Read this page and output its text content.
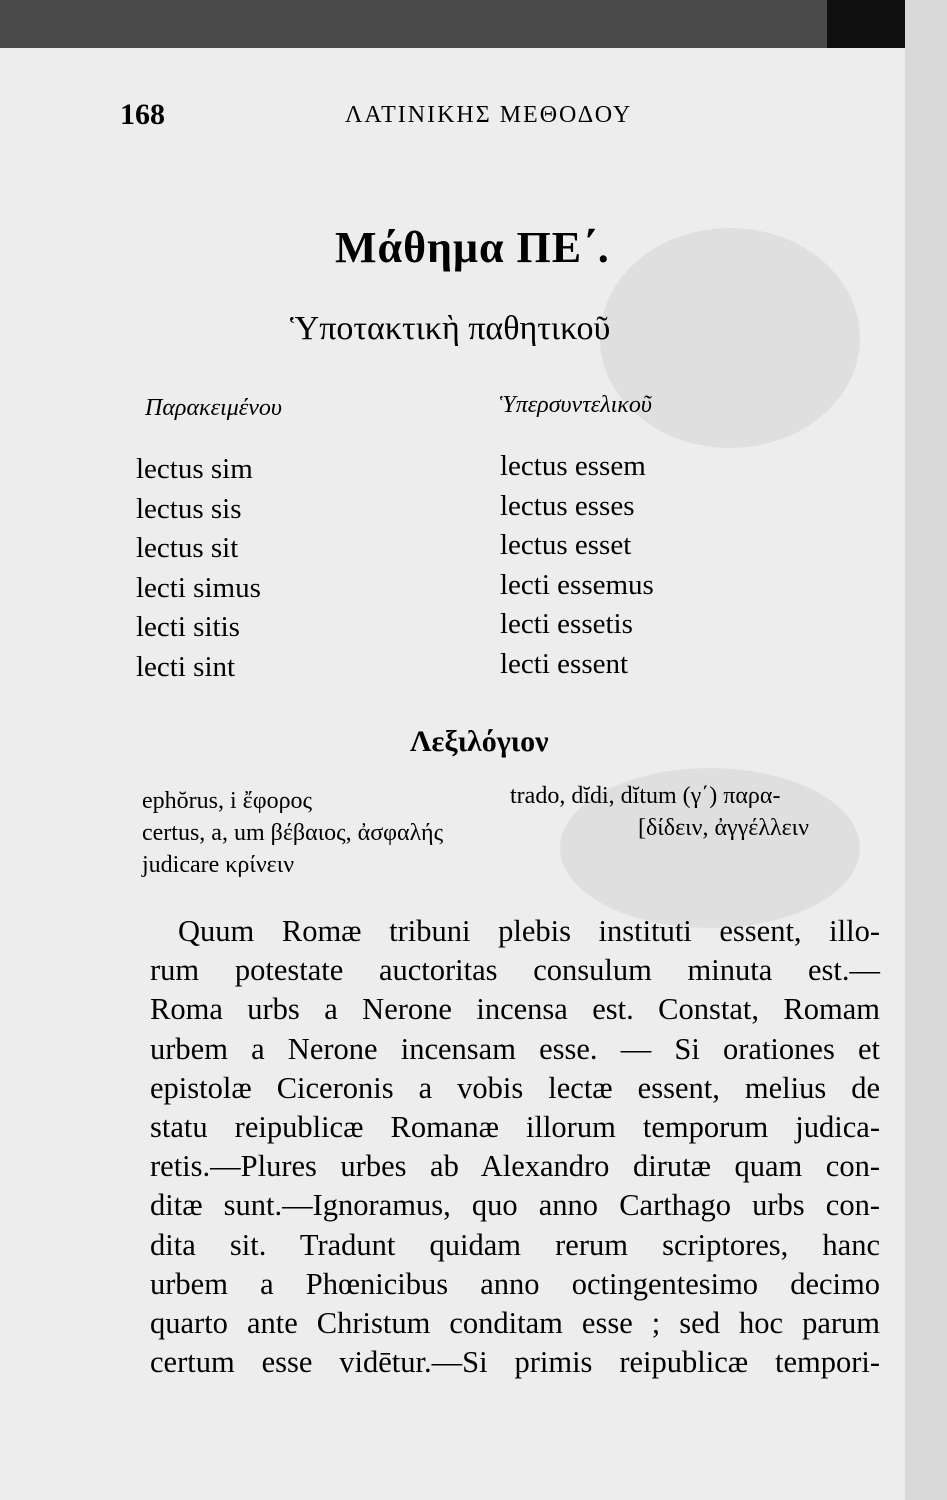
168	ΛΑΤΙΝΙΚΗΣ ΜΕΘΟΔΟΥ
Μάθημα ΠΕ΄.
Ὑποτακτικὴ παθητικοῦ
Παρακειμένου	Ὑπερσυντελικοῦ
lectus sim
lectus sis
lectus sit
lecti simus
lecti sitis
lecti sint
lectus essem
lectus esses
lectus esset
lecti essemus
lecti essetis
lecti essent
Λεξιλόγιον
ephŏrus, i ἔφορος
certus, a, um βέβαιος, ἀσφαλής
judicare κρίνειν
trado, dĭdi, dĭtum (γ΄) παρα-
[δίδειν, ἀγγέλλειν
Quum Romæ tribuni plebis instituti essent, illo-
rum potestate auctoritas consulum minuta est.—
Roma urbs a Nerone incensa est. Constat, Romam
urbem a Nerone incensam esse. — Si orationes et
epistolæ Ciceronis a vobis lectæ essent, melius de
statu reipublicæ Romanæ illorum temporum judica-
retis.—Plures urbes ab Alexandro dirutæ quam con-
ditæ sunt.—Ignoramus, quo anno Carthago urbs con-
dita sit. Tradunt quidam rerum scriptores, hanc
urbem a Phœnicibus anno octingentesimo decimo
quarto ante Christum conditam esse ; sed hoc parum
certum esse vidētur.—Si primis reipublicæ tempori-
